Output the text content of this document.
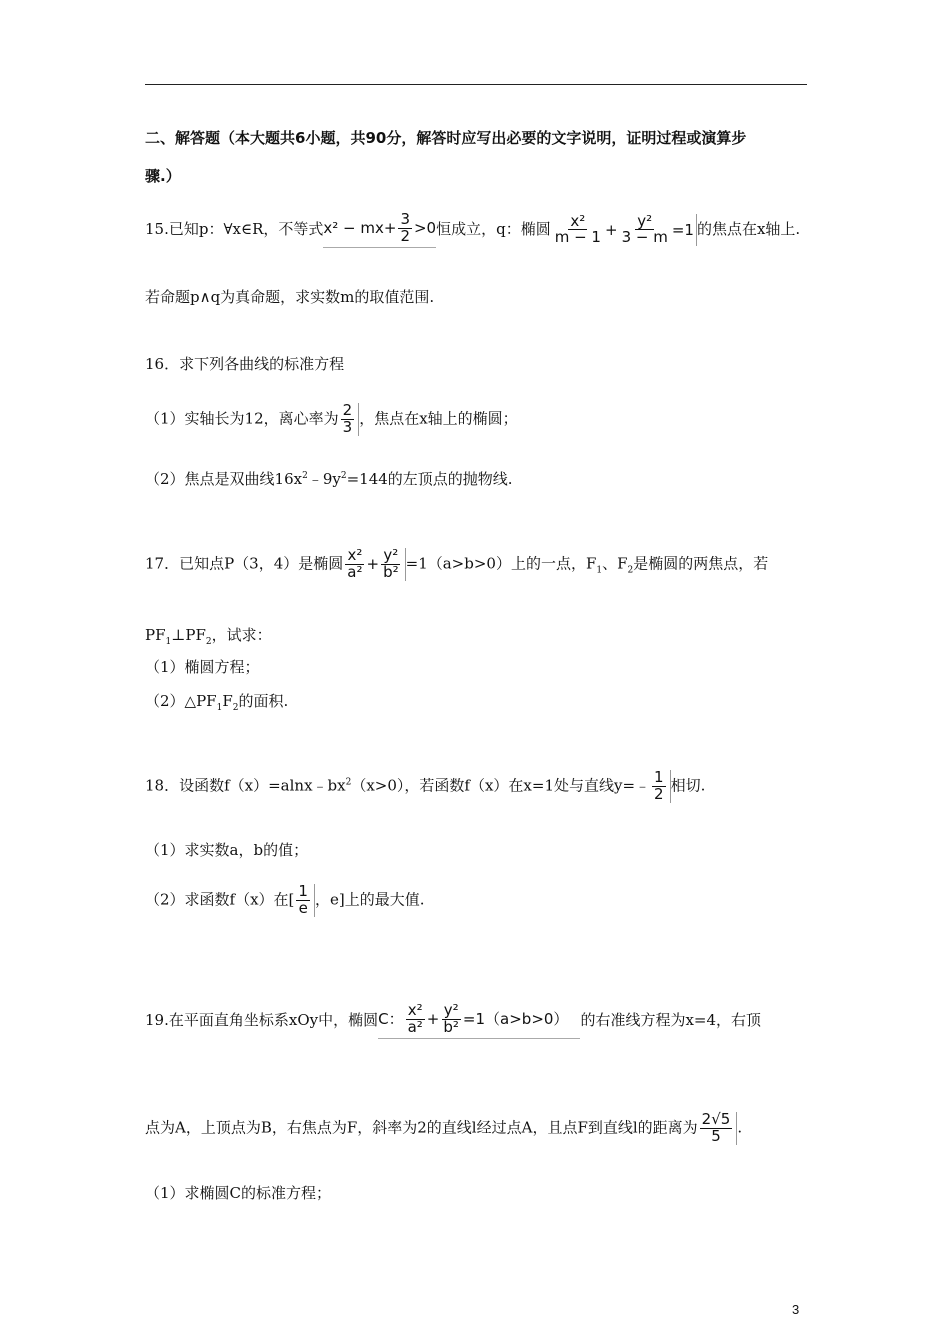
二、解答题（本大题共6小题，共90分，解答时应写出必要的文字说明，证明过程或演算步
骤.）
15.已知p：∀x∈R，不等式$x^2 - mx+ \frac{3}{2} >0$恒成立，q：椭圆 $\frac{\text{x²}}{m - 1} + \frac{\text{y²}}{3 - m} =1$ 的焦点在x轴上.
若命题p∧q为真命题，求实数m的取值范围.
16．求下列各曲线的标准方程
（1）实轴长为12，离心率为 $\frac{2}{3}$ ，焦点在x轴上的椭圆；
（2）焦点是双曲线$16x^2﹣9y^2=144$的左顶点的抛物线.
17．已知点P（3，4）是椭圆 $\frac{\text{x²}}{\text{a²}} + \frac{\text{y²}}{\text{b²}} =1(a>b>0)$上的一点，$F_1$、$F_2$是椭圆的两焦点，若
$PF_1\perp PF_2$，试求：
（1）椭圆方程；
$(2)\triangle PF_1F_2$的面积.
18．设函数$f(x)=alnx﹣bx^2(x>0)$，若函数f（x）在x=1处与直线y=﹣ $\frac{1}{2}$ 相切.
（1）求实数a，b的值；
（2）求函数f（x）在[ $\frac{1}{e}$ ，e]上的最大值.
19.在平面直角坐标系xOy中，椭圆C： $\frac{\text{x²}}{\text{a²}} + \frac{\text{y²}}{\text{b²}} =1(a>b>0)$ 的右准线方程为x=4，右顶
点为A，上顶点为B，右焦点为F，斜率为2的直线l经过点A，且点F到直线l的距离为 $\frac{2√5}{5}$ .
（1）求椭圆C的标准方程；
3
